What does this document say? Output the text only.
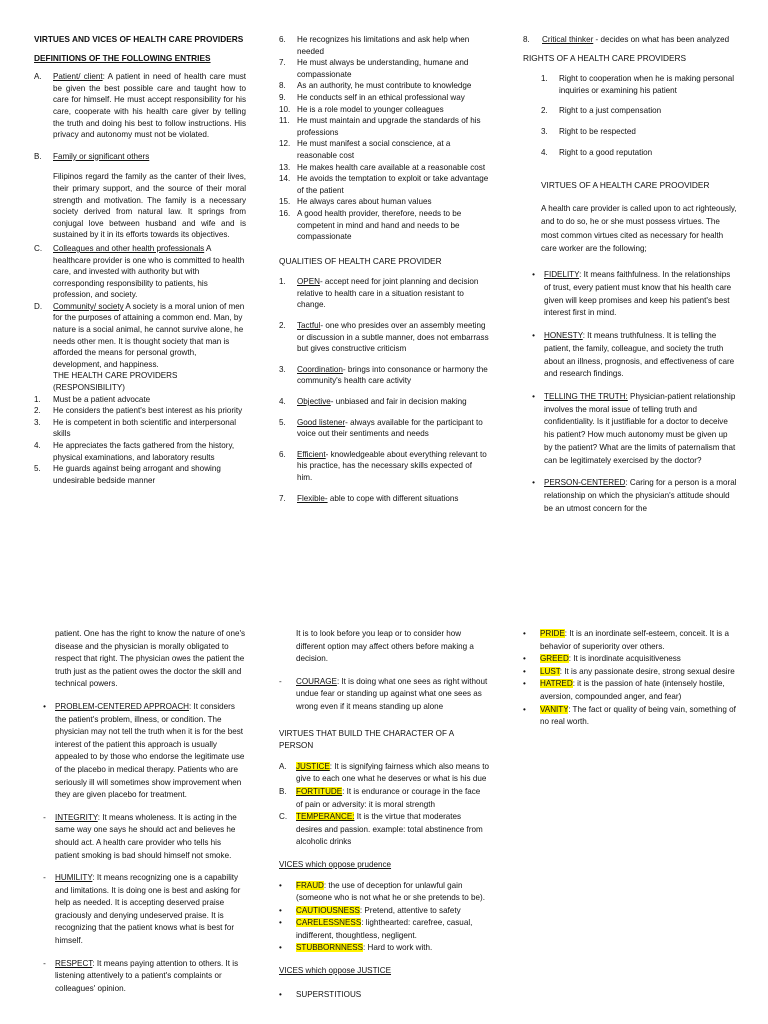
VIRTUES AND VICES OF HEALTH CARE PROVIDERS

DEFINITIONS OF THE FOLLOWING ENTRIES

A.	Patient/ client: A patient in need of health care must be given the best possible care and taught how to care for himself. He must accept responsibility for his care, cooperate with his health care giver by telling the truth and doing his best to follow instructions. His privacy and autonomy must not be violated.

B.	Family or significant others

Filipinos regard the family as the canter of their lives, their primary support, and the source of their moral strength and motivation. The family is a necessary society derived from natural law. It springs from conjugal love between husband and wife and is sustained by it in its efforts towards its objectives.

C.	Colleagues and other health professionals A healthcare provider is one who is committed to health care, and invested with authority but with corresponding responsibility to patients, his profession, and society.

D.	Community/ society A society is a moral union of men for the purposes of attaining a common end. Man, by nature is a social animal, he cannot survive alone, he needs other men. It is thought society that man is afforded the means for personal growth, development, and happiness.

THE HEALTH CARE PROVIDERS

(RESPONSIBILITY)

1.	Must be a patient advocate

2.	He considers the patient's best interest as his priority

3.	He is competent in both scientific and interpersonal skills

4.	He appreciates the facts gathered from the history, physical examinations, and laboratory results

5.	He guards against being arrogant and showing undesirable bedside manner

6.	He recognizes his limitations and ask help when needed

7.	He must always be understanding, humane and compassionate

8.	As an authority, he must contribute to knowledge

9.	He conducts self in an ethical professional way

10. He is a role model to younger colleagues

11. He must maintain and upgrade the standards of his professions

12. He must manifest a social conscience, at a reasonable cost

13. He makes health care available at a reasonable cost

14. He avoids the temptation to exploit or take advantage of the patient

15. He always cares about human values

16. A good health provider, therefore, needs to be competent in mind and hand and needs to be compassionate

QUALITIES OF HEALTH CARE PROVIDER

1.	OPEN- accept need for joint planning and decision relative to health care in a situation resistant to change.

2.	Tactful- one who presides over an assembly meeting or discussion in a subtle manner, does not embarrass but gives constructive criticism

3.	Coordination- brings into consonance or harmony the community's health care activity

4.	Objective- unbiased and fair in decision making

5.	Good listener- always available for the participant to voice out their sentiments and needs

6.	Efficient- knowledgeable about everything relevant to his practice, has the necessary skills expected of him.

7.	Flexible- able to cope with different situations

8.	Critical thinker - decides on what has been analyzed

RIGHTS OF A HEALTH CARE PROVIDERS

1.	Right to cooperation when he is making personal inquiries or examining his patient

2.	Right to a just compensation

3.	Right to be respected

4.	Right to a good reputation

VIRTUES OF A HEALTH CARE PROOVIDER

A health care provider is called upon to act righteously, and to do so, he or she must possess virtues. The most common virtues cited as necessary for health care worker are the following;

•	FIDELITY: It means faithfulness. In the relationships of trust, every patient must know that his health care given will keep promises and keep his patient's best interest first in mind.

•	HONESTY: It means truthfulness. It is telling the patient, the family, colleague, and society the truth about an illness, prognosis, and effectiveness of care and research findings.

•	TELLING THE TRUTH: Physician-patient relationship involves the moral issue of telling truth and confidentiality. Is it justifiable for a doctor to deceive his patient? How much autonomy must be given up by the patient? What are the limits of paternalism that can be legitimately exercised by the doctor?

•	PERSON-CENTERED: Caring for a person is a moral relationship on which the physician's attitude should be an utmost concern for the

patient. One has the right to know the nature of one's disease and the physician is morally obligated to respect that right. The physician owes the patient the truth just as the patient owes the doctor the skill and technical powers.

•	PROBLEM-CENTERED APPROACH: It considers the patient's problem, illness, or condition. The physician may not tell the truth when it is for the best interest of the patient this approach is usually appealed to by those who endorse the legitimate use of the placebo in medical therapy. Patients who are seriously ill will sometimes show improvement when they are given placebo for treatment.

-	INTEGRITY: It means wholeness. It is acting in the same way one says he should act and believes he should act. A health care provider who tells his patient smoking is bad should himself not smoke.

-	HUMILITY: It means recognizing one is a capability and limitations. It is doing one is best and asking for help as needed. It is accepting deserved praise graciously and denying undeserved praise. It is recognizing that the patient knows what is best for himself.

-	RESPECT: It means paying attention to others. It is listening attentively to a patient's complaints or colleagues' opinion.

It is to look before you leap or to consider how different option may affect others before making a decision.

-	COURAGE: It is doing what one sees as right without undue fear or standing up against what one sees as wrong even if it means standing up alone

VIRTUES THAT BUILD THE CHARACTER OF A PERSON

A.	JUSTICE: It is signifying fairness which also means to give to each one what he deserves or what is his due

B.	FORTITUDE: It is endurance or courage in the face of pain or adversity: it is moral strength

C.	TEMPERANCE: It is the virtue that moderates desires and passion. example: total abstinence from alcoholic drinks

VICES which oppose prudence

•	FRAUD: the use of deception for unlawful gain (someone who is not what he or she pretends to be).

•	CAUTIOUSNESS: Pretend, attentive to safety

•	CARELESSNESS: lighthearted: carefree, casual, indifferent, thoughtless, negligent.

•	STUBBORNNESS: Hard to work with.

VICES which oppose JUSTICE

•	SUPERSTITIOUS

•	PRIDE: It is an inordinate self-esteem, conceit. It is a behavior of superiority over others.

•	GREED: It is inordinate acquisitiveness

•	LUST: It is any passionate desire, strong sexual desire

•	HATRED: it is the passion of hate (intensely hostile, aversion, compounded anger, and fear)

•	VANITY: The fact or quality of being vain, something of no real worth.
